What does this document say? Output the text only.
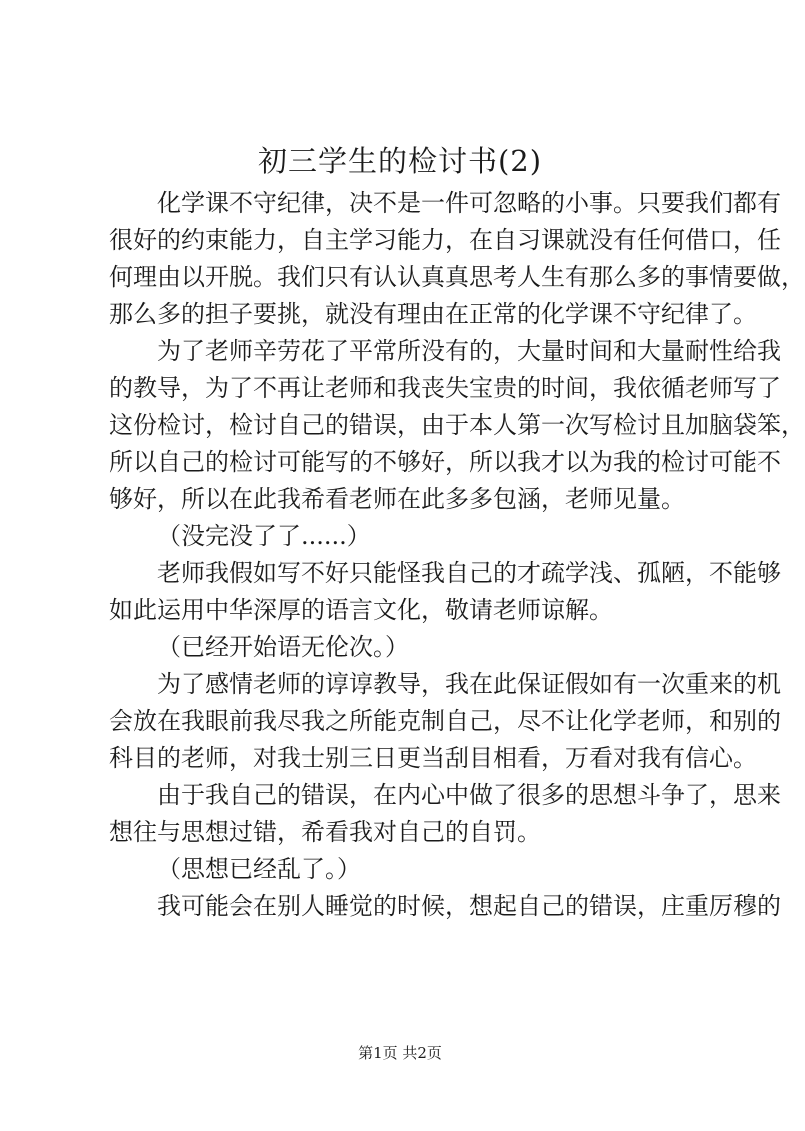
初三学生的检讨书(2)

化学课不守纪律，决不是一件可忽略的小事。只要我们都有
很好的约束能力，自主学习能力，在自习课就没有任何借口，任
何理由以开脱。我们只有认认真真思考人生有那么多的事情要做，
那么多的担子要挑，就没有理由在正常的化学课不守纪律了。

为了老师辛劳花了平常所没有的，大量时间和大量耐性给我
的教导，为了不再让老师和我丧失宝贵的时间，我依循老师写了
这份检讨，检讨自己的错误，由于本人第一次写检讨且加脑袋笨，
所以自己的检讨可能写的不够好，所以我才以为我的检讨可能不
够好，所以在此我希看老师在此多多包涵，老师见量。

（没完没了了......）

老师我假如写不好只能怪我自己的才疏学浅、孤陋，不能够
如此运用中华深厚的语言文化，敬请老师谅解。

（已经开始语无伦次。）

为了感情老师的谆谆教导，我在此保证假如有一次重来的机
会放在我眼前我尽我之所能克制自己，尽不让化学老师，和别的
科目的老师，对我士别三日更当刮目相看，万看对我有信心。

由于我自己的错误，在内心中做了很多的思想斗争了，思来
想往与思想过错，希看我对自己的自罚。

（思想已经乱了。）

我可能会在别人睡觉的时候，想起自己的错误，庄重厉穆的

第1页 共2页
